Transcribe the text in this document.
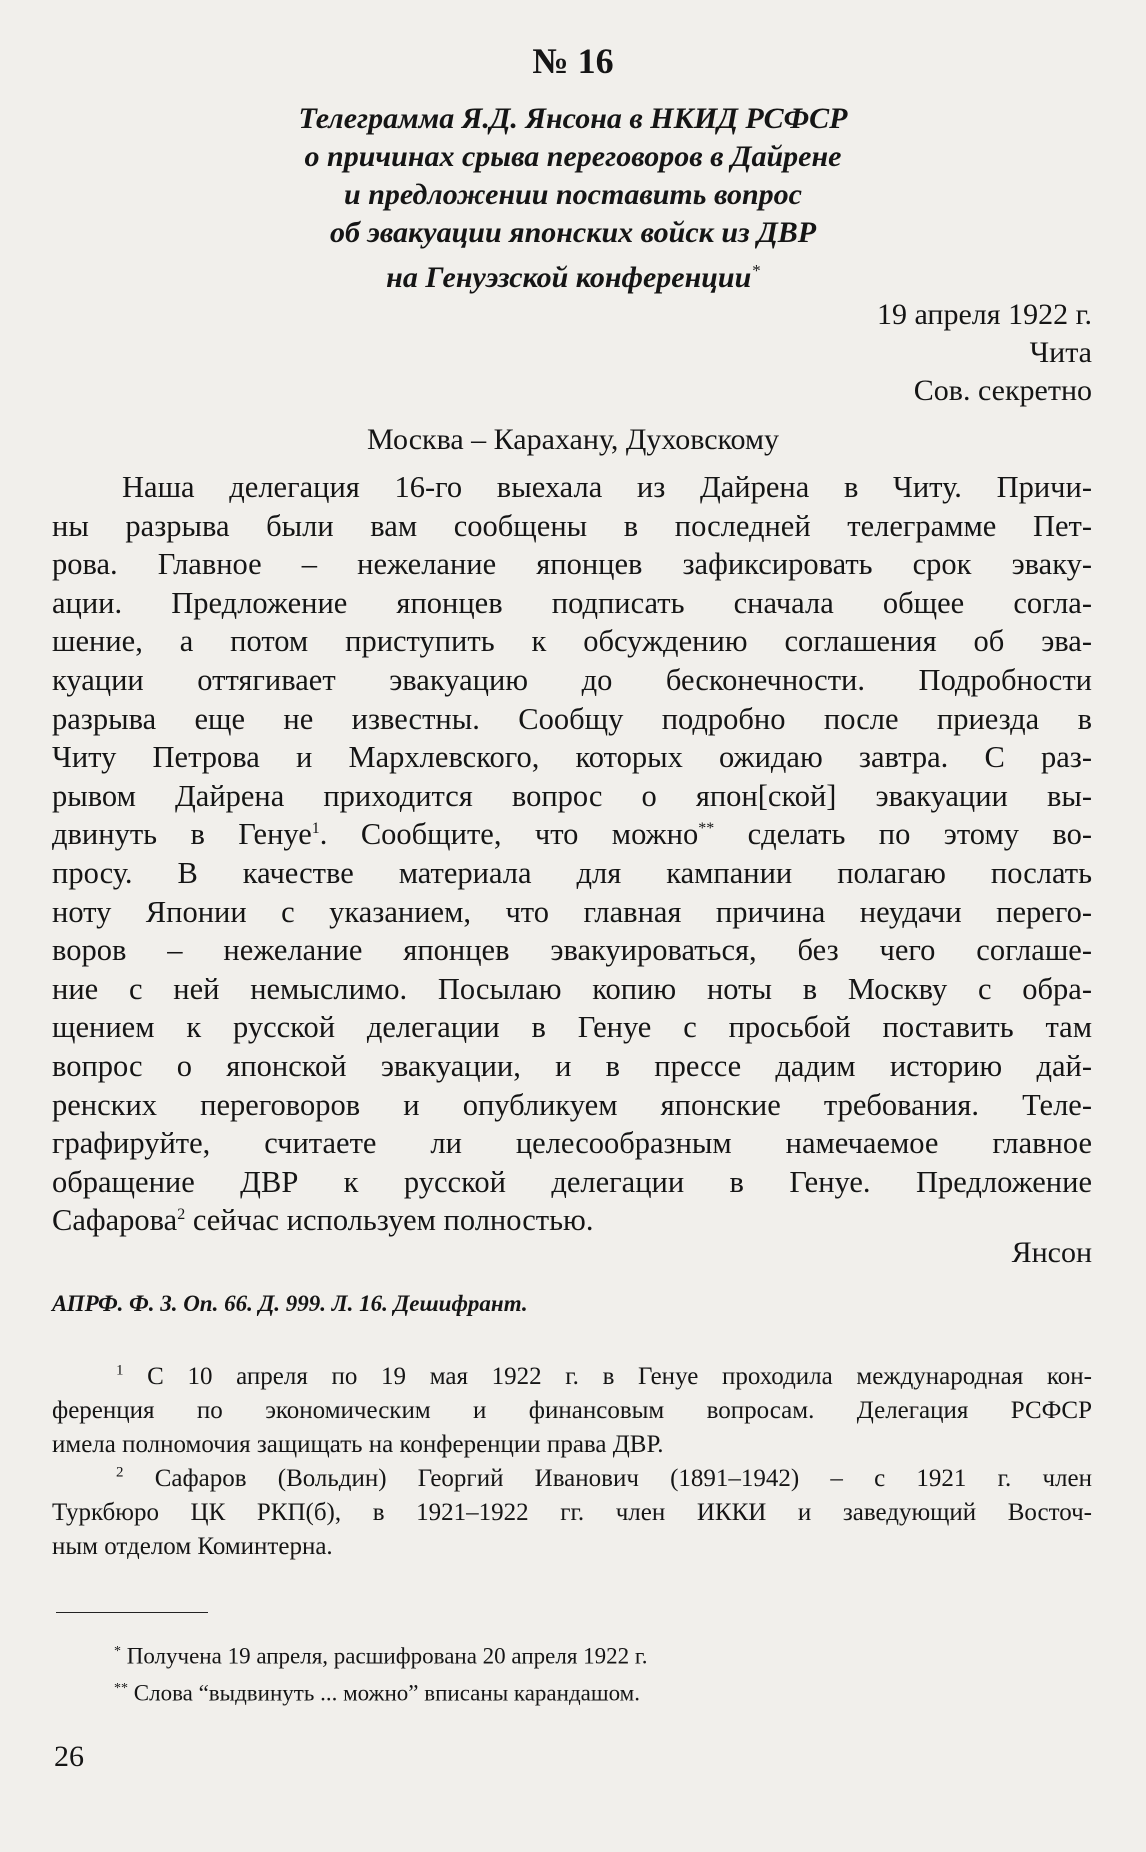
№ 16
Телеграмма Я.Д. Янсона в НКИД РСФСР
о причинах срыва переговоров в Дайрене
и предложении поставить вопрос
об эвакуации японских войск из ДВР
на Генуэзской конференции*
19 апреля 1922 г.
Чита
Сов. секретно
Москва – Карахану, Духовскому
Наша делегация 16-го выехала из Дайрена в Читу. Причи-
ны разрыва были вам сообщены в последней телеграмме Пет-
рова. Главное – нежелание японцев зафиксировать срок эваку-
ации. Предложение японцев подписать сначала общее согла-
шение, а потом приступить к обсуждению соглашения об эва-
куации оттягивает эвакуацию до бесконечности. Подробности
разрыва еще не известны. Сообщу подробно после приезда в
Читу Петрова и Мархлевского, которых ожидаю завтра. С раз-
рывом Дайрена приходится вопрос о япон[ской] эвакуации вы-
двинуть в Генуе$^1$. Сообщите, что можно** сделать по этому во-
просу. В качестве материала для кампании полагаю послать
ноту Японии с указанием, что главная причина неудачи перего-
воров – нежелание японцев эвакуироваться, без чего соглаше-
ние с ней немыслимо. Посылаю копию ноты в Москву с обра-
щением к русской делегации в Генуе с просьбой поставить там
вопрос о японской эвакуации, и в прессе дадим историю дай-
ренских переговоров и опубликуем японские требования. Теле-
графируйте, считаете ли целесообразным намечаемое главное
обращение ДВР к русской делегации в Генуе. Предложение
Сафарова$^2$ сейчас используем полностью.
Янсон
АПРФ. Ф. 3. Оп. 66. Д. 999. Л. 16. Дешифрант.
$^1$ С 10 апреля по 19 мая 1922 г. в Генуе проходила международная кон-
ференция по экономическим и финансовым вопросам. Делегация РСФСР
имела полномочия защищать на конференции права ДВР.
$^2$ Сафаров (Вольдин) Георгий Иванович (1891–1942) – с 1921 г. член
Туркбюро ЦК РКП(б), в 1921–1922 гг. член ИККИ и заведующий Восточ-
ным отделом Коминтерна.
* Получена 19 апреля, расшифрована 20 апреля 1922 г.
** Слова “выдвинуть ... можно” вписаны карандашом.
26
